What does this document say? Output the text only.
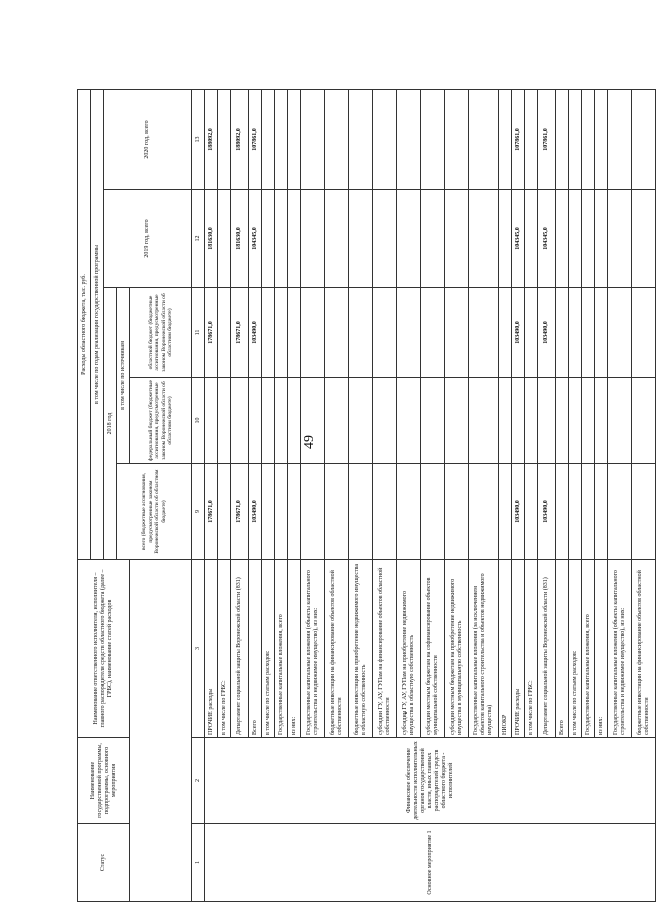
49
Статус	Наименование государственной программы, подпрограммы, основного мероприятия	Наименование ответственного исполнителя, исполнителя – главного распорядителя средств областного бюджета (далее – ГРБС), наименование статей расходов	Расходы областного бюджета, тыс. руб.				
			в том числе по годам реализации государственной программы				
			2018 год			2019 год, всего	2020 год, всего
			всего (бюджетные ассигнования, предусмотренные законом Воронежской области об областном бюджете)	в том числе по источникам			
				федеральный бюджет (бюджетные ассигнования, предусмотренные законом Воронежской области об областном бюджете)	областной бюджет (бюджетные ассигнования, предусмотренные законом Воронежской области об областном бюджете)		
1	2	3	9	10	11	12	13
Основное мероприятие 1	Финансовое обеспечение деятельности исполнительных органов государственной власти, иных главных распорядителей средств областного бюджета - исполнителей	ПРОЧИЕ расходы	178671,0		178671,0	181630,0	188092,0
		в том числе по ГРБС:					
		Департамент социальной защиты Воронежской области (831)	178671,0		178671,0	181630,0	188092,0
		Всего	103490,0		103490,0	104345,0	107861,0
		в том числе по статьям расходов:					
		Государственные капитальные вложения, всего					
		из них:					
		Государственные капитальные вложения (объекты капитального строительства и недвижимое имущество), из них:					
		бюджетные инвестиции на финансирование объектов областной собственности					
		бюджетные инвестиции на приобретение недвижимого имущества в областную собственность					
		субсидии ГУ, АУ, ГУПам на финансирование объектов областной собственности					
		субсидии ГУ, АУ, ГУПам на приобретение недвижимого имущества в областную собственность					
		субсидии местным бюджетам на софинансирование объектов муниципальной собственности					
		субсидии местным бюджетам на приобретение недвижимого имущества в муниципальную собственность					
		Государственные капитальные вложения (за исключением объектов капитального строительства и объектов недвижимого имущества)					
		НИОКР					
		ПРОЧИЕ расходы	103490,0		103490,0	104345,0	107861,0
		в том числе по ГРБС:					
		Департамент социальной защиты Воронежской области (831)	103490,0		103490,0	104345,0	107861,0
		Всего					
		в том числе по статьям расходов:					
		Государственные капитальные вложения, всего					
		из них:					
		Государственные капитальные вложения (объекты капитального строительства и недвижимое имущество), из них:					
		бюджетные инвестиции на финансирование объектов областной собственности					
